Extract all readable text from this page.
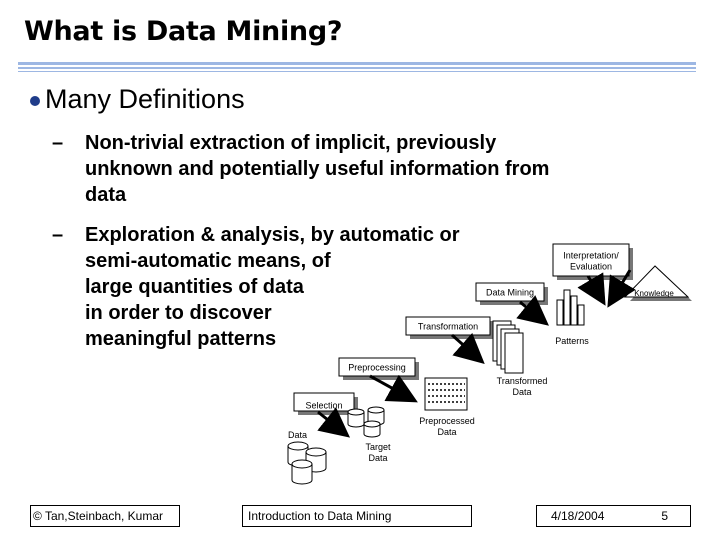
What is Data Mining?
Many Definitions
– Non-trivial extraction of implicit, previously
unknown and potentially useful information from
data
– Exploration & analysis, by automatic or
semi-automatic means, of
large quantities of data
in order to discover
meaningful patterns
Selection
Preprocessing
Transformation
Data Mining
Interpretation/
Evaluation
Data
Target
Data
Preprocessed
Data
Transformed
Data
Patterns
Knowledge
© Tan,Steinbach, Kumar	Introduction to Data Mining	4/18/2004	5
